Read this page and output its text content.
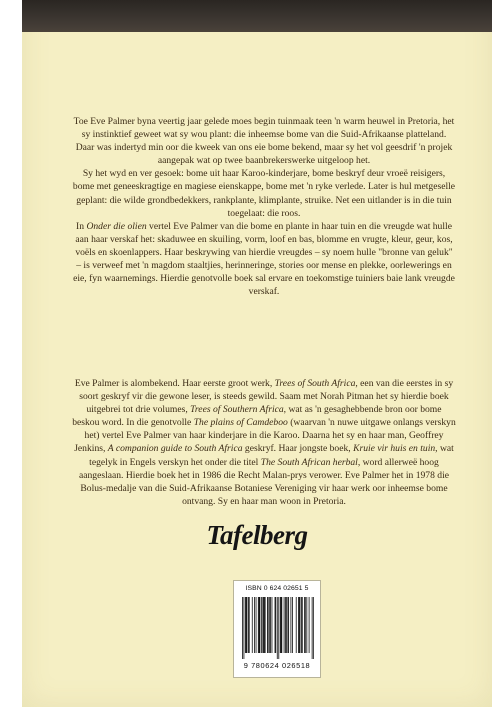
Toe Eve Palmer byna veertig jaar gelede moes begin tuinmaak teen 'n warm heuwel in Pretoria, het sy instinktief geweet wat sy wou plant: die inheemse bome van die Suid-Afrikaanse platteland. Daar was indertyd min oor die kweek van ons eie bome bekend, maar sy het vol geesdrif 'n projek aangepak wat op twee baanbrekerswerke uitgeloop het.

Sy het wyd en ver gesoek: bome uit haar Karoo-kinderjare, bome beskryf deur vroeë reisigers, bome met geneeskragtige en magiese eienskappe, bome met 'n ryke verlede. Later is hul metgeselle geplant: die wilde grondbedekkers, rankplante, klimplante, struike. Net een uitlander is in die tuin toegelaat: die roos.

In Onder die olien vertel Eve Palmer van die bome en plante in haar tuin en die vreugde wat hulle aan haar verskaf het: skaduwee en skuiling, vorm, loof en bas, blomme en vrugte, kleur, geur, kos, voëls en skoenlappers. Haar beskrywing van hierdie vreugdes – sy noem hulle "bronne van geluk" – is verweef met 'n magdom staaltjies, herinneringe, stories oor mense en plekke, oorlewerings en eie, fyn waarnemings. Hierdie genotvolle boek sal ervare en toekomstige tuiniers baie lank vreugde verskaf.

Eve Palmer is alombekend. Haar eerste groot werk, Trees of South Africa, een van die eerstes in sy soort geskryf vir die gewone leser, is steeds gewild. Saam met Norah Pitman het sy hierdie boek uitgebrei tot drie volumes, Trees of Southern Africa, wat as 'n gesaghebbende bron oor bome beskou word. In die genotvolle The plains of Camdeboo (waarvan 'n nuwe uitgawe onlangs verskyn het) vertel Eve Palmer van haar kinderjare in die Karoo. Daarna het sy en haar man, Geoffrey Jenkins, A companion guide to South Africa geskryf. Haar jongste boek, Kruie vir huis en tuin, wat tegelyk in Engels verskyn het onder die titel The South African herbal, word allerweë hoog aangeslaan. Hierdie boek het in 1986 die Recht Malan-prys verower. Eve Palmer het in 1978 die Bolus-medalje van die Suid-Afrikaanse Botaniese Vereniging vir haar werk oor inheemse bome ontvang. Sy en haar man woon in Pretoria.

Tafelberg
ISBN 0 624 02651 5
9 780624 026518
